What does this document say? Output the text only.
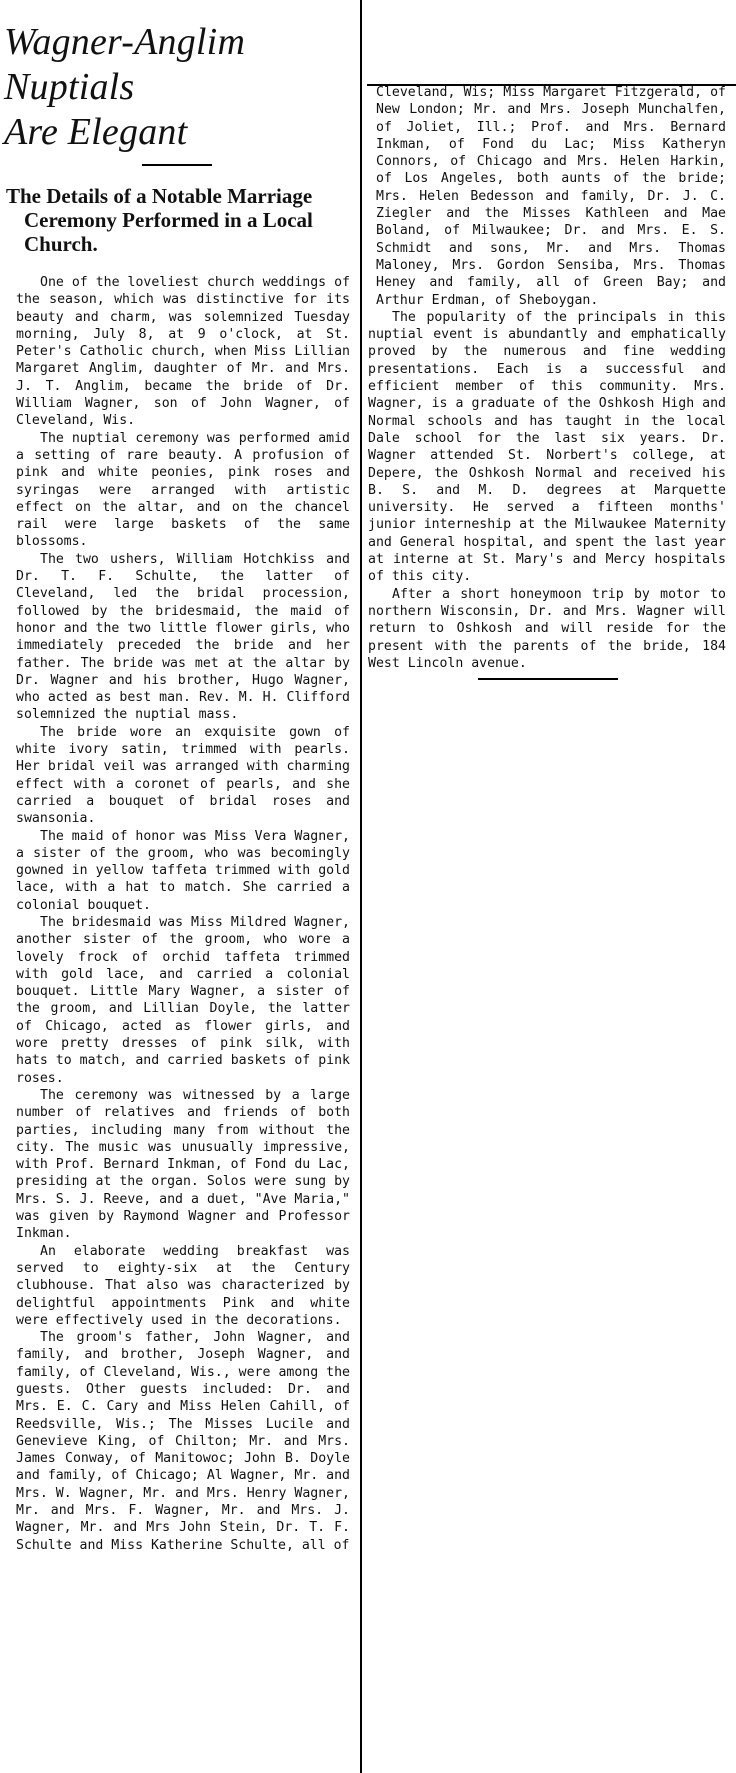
Wagner-Anglim
Nuptials
Are Elegant
The Details of a Notable Marriage Ceremony Performed in a Local Church.

One of the loveliest church weddings of the season, which was distinctive for its beauty and charm, was solemnized Tuesday morning, July 8, at 9 o'clock, at St. Peter's Catholic church, when Miss Lillian Margaret Anglim, daughter of Mr. and Mrs. J. T. Anglim, became the bride of Dr. William Wagner, son of John Wagner, of Cleveland, Wis.

The nuptial ceremony was performed amid a setting of rare beauty. A profusion of pink and white peonies, pink roses and syringas were arranged with artistic effect on the altar, and on the chancel rail were large baskets of the same blossoms.

The two ushers, William Hotchkiss and Dr. T. F. Schulte, the latter of Cleveland, led the bridal procession, followed by the bridesmaid, the maid of honor and the two little flower girls, who immediately preceded the bride and her father. The bride was met at the altar by Dr. Wagner and his brother, Hugo Wagner, who acted as best man. Rev. M. H. Clifford solemnized the nuptial mass.

The bride wore an exquisite gown of white ivory satin, trimmed with pearls. Her bridal veil was arranged with charming effect with a coronet of pearls, and she carried a bouquet of bridal roses and swansonia.

The maid of honor was Miss Vera Wagner, a sister of the groom, who was becomingly gowned in yellow taffeta trimmed with gold lace, with a hat to match. She carried a colonial bouquet.

The bridesmaid was Miss Mildred Wagner, another sister of the groom, who wore a lovely frock of orchid taffeta trimmed with gold lace, and carried a colonial bouquet. Little Mary Wagner, a sister of the groom, and Lillian Doyle, the latter of Chicago, acted as flower girls, and wore pretty dresses of pink silk, with hats to match, and carried baskets of pink roses.

The ceremony was witnessed by a large number of relatives and friends of both parties, including many from without the city. The music was unusually impressive, with Prof. Bernard Inkman, of Fond du Lac, presiding at the organ. Solos were sung by Mrs. S. J. Reeve, and a duet, "Ave Maria," was given by Raymond Wagner and Professor Inkman.

An elaborate wedding breakfast was served to eighty-six at the Century clubhouse. That also was characterized by delightful appointments Pink and white were effectively used in the decorations.

The groom's father, John Wagner, and family, and brother, Joseph Wagner, and family, of Cleveland, Wis., were among the guests. Other guests included: Dr. and Mrs. E. C. Cary and Miss Helen Cahill, of Reedsville, Wis.; The Misses Lucile and Genevieve King, of Chilton; Mr. and Mrs. James Conway, of Manitowoc; John B. Doyle and family, of Chicago; Al Wagner, Mr. and Mrs. W. Wagner, Mr. and Mrs. Henry Wagner, Mr. and Mrs. F. Wagner, Mr. and Mrs. J. Wagner, Mr. and Mrs John Stein, Dr. T. F. Schulte and Miss Katherine Schulte, all of

Cleveland, Wis; Miss Margaret Fitzgerald, of New London; Mr. and Mrs. Joseph Munchalfen, of Joliet, Ill.; Prof. and Mrs. Bernard Inkman, of Fond du Lac; Miss Katheryn Connors, of Chicago and Mrs. Helen Harkin, of Los Angeles, both aunts of the bride; Mrs. Helen Bedesson and family, Dr. J. C. Ziegler and the Misses Kathleen and Mae Boland, of Milwaukee; Dr. and Mrs. E. S. Schmidt and sons, Mr. and Mrs. Thomas Maloney, Mrs. Gordon Sensiba, Mrs. Thomas Heney and family, all of Green Bay; and Arthur Erdman, of Sheboygan.

The popularity of the principals in this nuptial event is abundantly and emphatically proved by the numerous and fine wedding presentations. Each is a successful and efficient member of this community. Mrs. Wagner, is a graduate of the Oshkosh High and Normal schools and has taught in the local Dale school for the last six years. Dr. Wagner attended St. Norbert's college, at Depere, the Oshkosh Normal and received his B. S. and M. D. degrees at Marquette university. He served a fifteen months' junior interneship at the Milwaukee Maternity and General hospital, and spent the last year at interne at St. Mary's and Mercy hospitals of this city.

After a short honeymoon trip by motor to northern Wisconsin, Dr. and Mrs. Wagner will return to Oshkosh and will reside for the present with the parents of the bride, 184 West Lincoln avenue.
